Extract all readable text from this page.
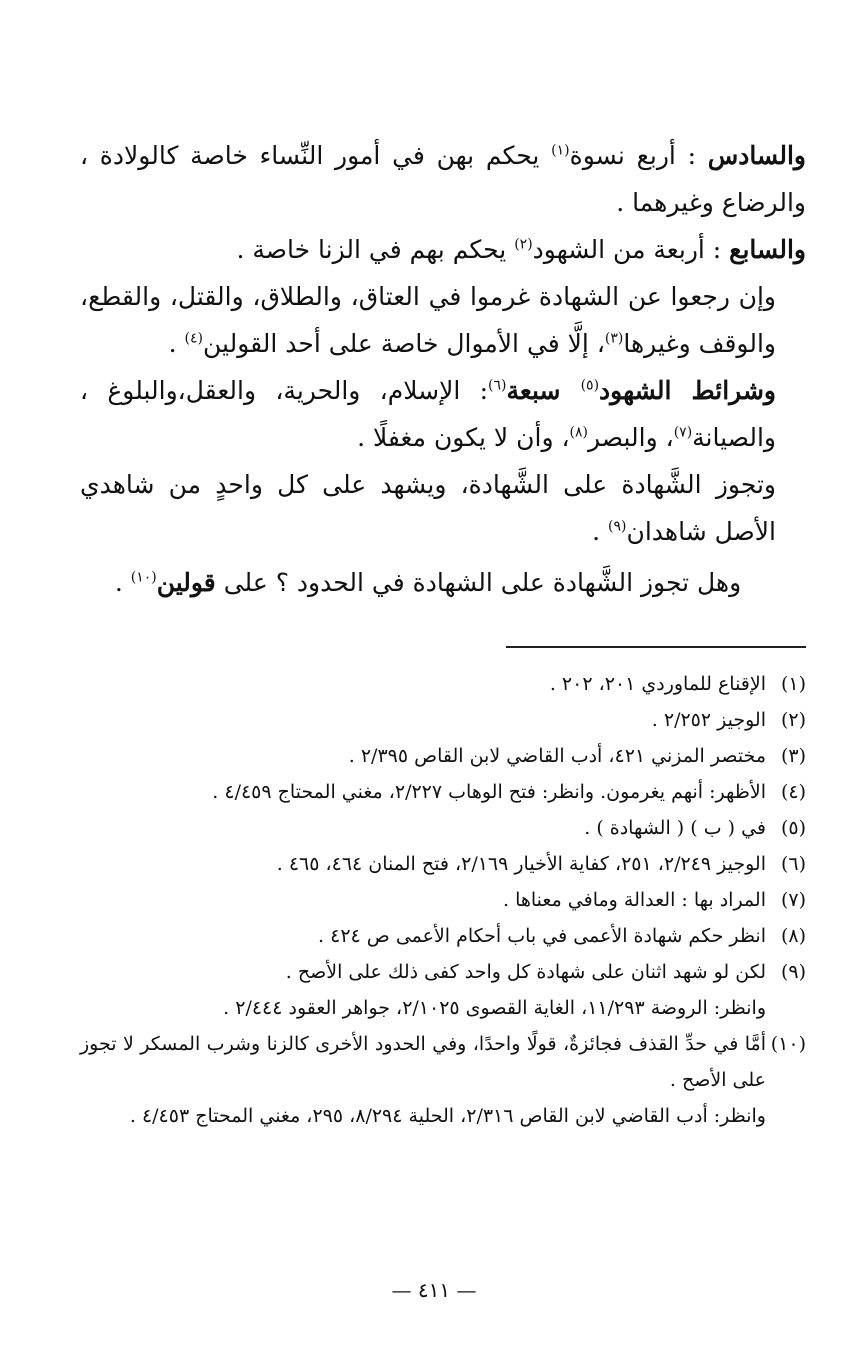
والسادس : أربع نسوة$^{(١)}$ يحكم بهن في أمور النِّساء خاصة كالولادة ، والرضاع وغيرهما .

والسابع : أربعة من الشهود$^{(٢)}$ يحكم بهم في الزنا خاصة .

وإن رجعوا عن الشهادة غرموا في العتاق، والطلاق، والقتل، والقطع، والوقف وغيرها$^{(٣)}$، إلَّا في الأموال خاصة على أحد القولين$^{(٤)}$ .

وشرائط الشهود$^{(٥)}$ سبعة$^{(٦)}$: الإسلام، والحرية، والعقل،والبلوغ ، والصيانة$^{(٧)}$، والبصر$^{(٨)}$، وأن لا يكون مغفلًا .

وتجوز الشَّهادة على الشَّهادة، ويشهد على كل واحدٍ من شاهدي الأصل شاهدان$^{(٩)}$ .

وهل تجوز الشَّهادة على الشهادة في الحدود ؟ على قولين$^{(١٠)}$ .

(١)
الإقناع للماوردي ٢٠١، ٢٠٢ .
(٢)
الوجيز ٢/٢٥٢ .
(٣)
مختصر المزني ٤٢١، أدب القاضي لابن القاص ٢/٣٩٥ .
(٤)
الأظهر: أنهم يغرمون. وانظر: فتح الوهاب ٢/٢٢٧، مغني المحتاج ٤/٤٥٩ .
(٥)
في ( ب ) ( الشهادة ) .
(٦)
الوجيز ٢/٢٤٩، ٢٥١، كفاية الأخيار ٢/١٦٩، فتح المنان ٤٦٤، ٤٦٥ .
(٧)
المراد بها : العدالة ومافي معناها .
(٨)
انظر حكم شهادة الأعمى في باب أحكام الأعمى ص ٤٢٤ .
(٩)
لكن لو شهد اثنان على شهادة كل واحد كفى ذلك على الأصح .
وانظر: الروضة ١١/٢٩٣، الغاية القصوى ٢/١٠٢٥، جواهر العقود ٢/٤٤٤ .
(١٠)
أمَّا في حدِّ القذف فجائزةٌ، قولًا واحدًا، وفي الحدود الأخرى كالزنا وشرب المسكر لا تجوز على الأصح .
وانظر: أدب القاضي لابن القاص ٢/٣١٦، الحلية ٨/٢٩٤، ٢٩٥، مغني المحتاج ٤/٤٥٣ .
— ٤١١ —
